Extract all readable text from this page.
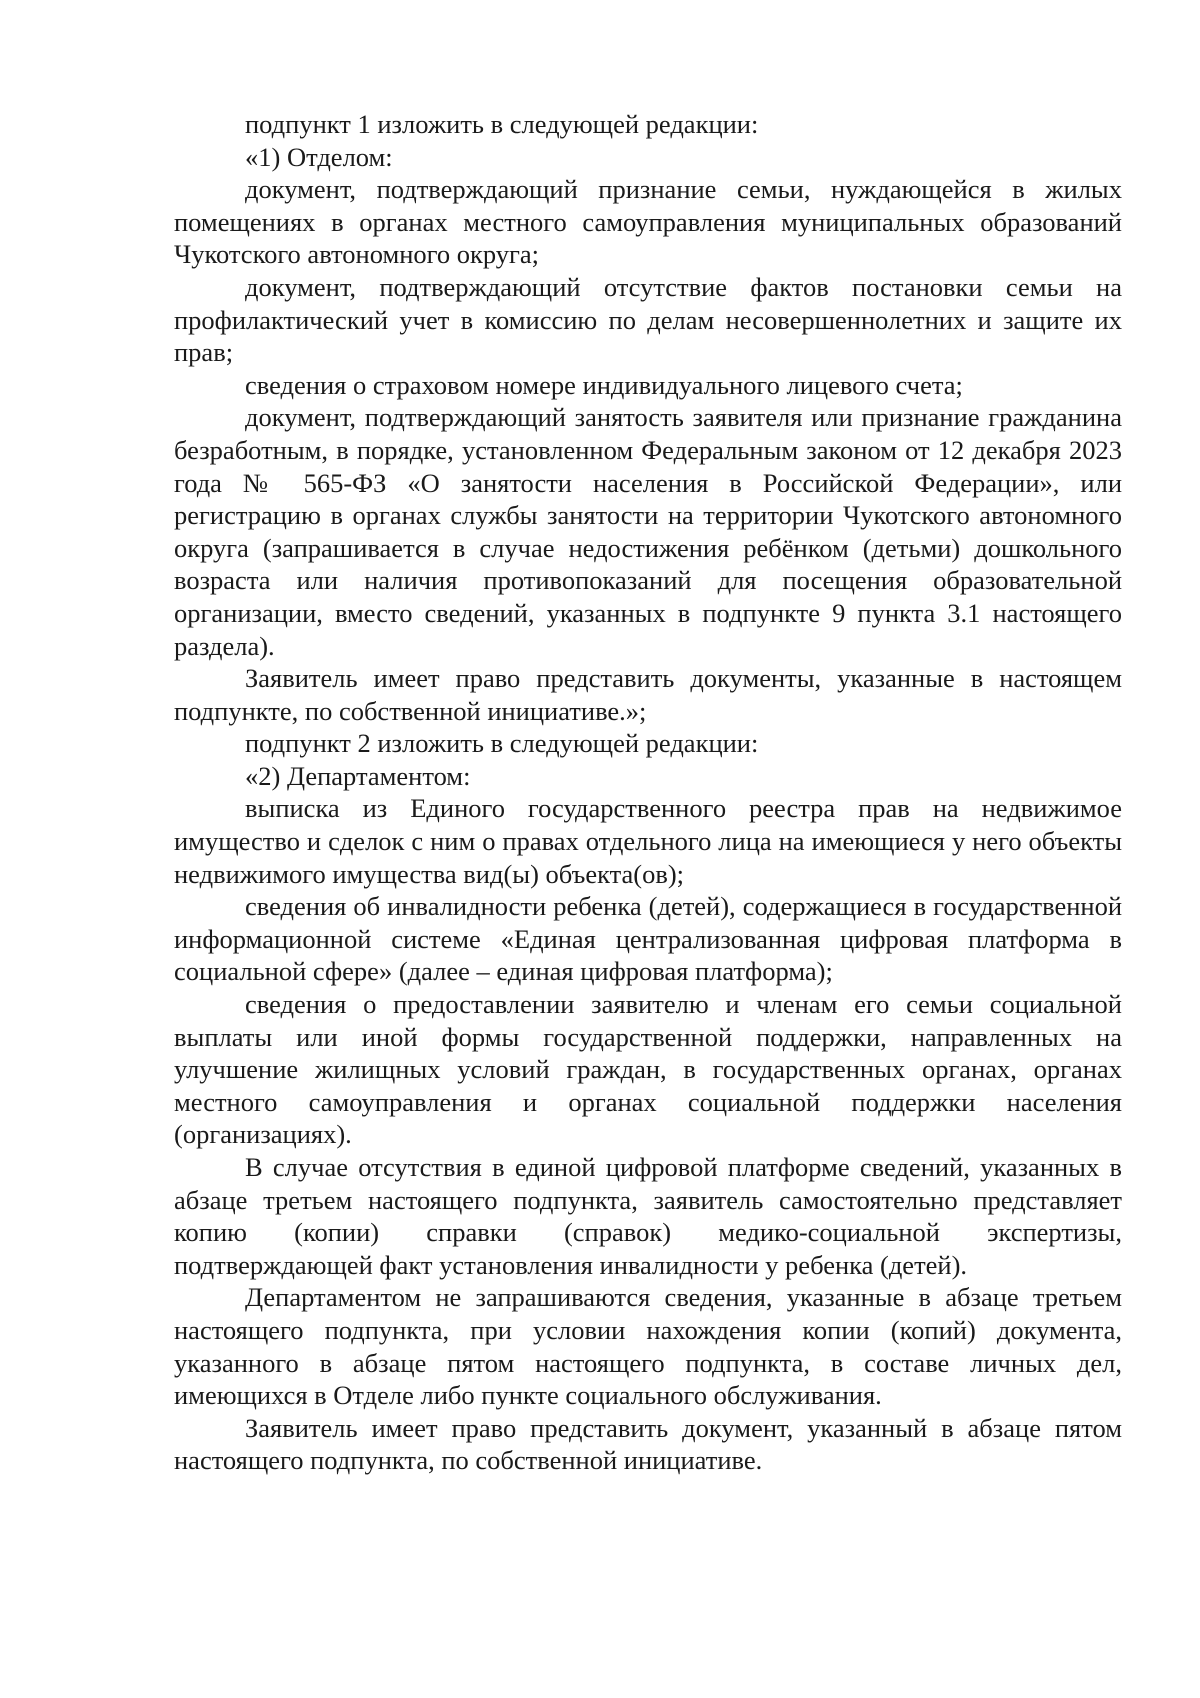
подпункт 1 изложить в следующей редакции:

«1) Отделом:

документ, подтверждающий признание семьи, нуждающейся в жилых помещениях в органах местного самоуправления муниципальных образований Чукотского автономного округа;

документ, подтверждающий отсутствие фактов постановки семьи на профилактический учет в комиссию по делам несовершеннолетних и защите их прав;

сведения о страховом номере индивидуального лицевого счета;

документ, подтверждающий занятость заявителя или признание гражданина безработным, в порядке, установленном Федеральным законом от 12 декабря 2023 года № 565-ФЗ «О занятости населения в Российской Федерации», или регистрацию в органах службы занятости на территории Чукотского автономного округа (запрашивается в случае недостижения ребёнком (детьми) дошкольного возраста или наличия противопоказаний для посещения образовательной организации, вместо сведений, указанных в подпункте 9 пункта 3.1 настоящего раздела).

Заявитель имеет право представить документы, указанные в настоящем подпункте, по собственной инициативе.»;

подпункт 2 изложить в следующей редакции:

«2) Департаментом:

выписка из Единого государственного реестра прав на недвижимое имущество и сделок с ним о правах отдельного лица на имеющиеся у него объекты недвижимого имущества вид(ы) объекта(ов);

сведения об инвалидности ребенка (детей), содержащиеся в государственной информационной системе «Единая централизованная цифровая платформа в социальной сфере» (далее – единая цифровая платформа);

сведения о предоставлении заявителю и членам его семьи социальной выплаты или иной формы государственной поддержки, направленных на улучшение жилищных условий граждан, в государственных органах, органах местного самоуправления и органах социальной поддержки населения (организациях).

В случае отсутствия в единой цифровой платформе сведений, указанных в абзаце третьем настоящего подпункта, заявитель самостоятельно представляет копию (копии) справки (справок) медико-социальной экспертизы, подтверждающей факт установления инвалидности у ребенка (детей).

Департаментом не запрашиваются сведения, указанные в абзаце третьем настоящего подпункта, при условии нахождения копии (копий) документа, указанного в абзаце пятом настоящего подпункта, в составе личных дел, имеющихся в Отделе либо пункте социального обслуживания.

Заявитель имеет право представить документ, указанный в абзаце пятом настоящего подпункта, по собственной инициативе.
